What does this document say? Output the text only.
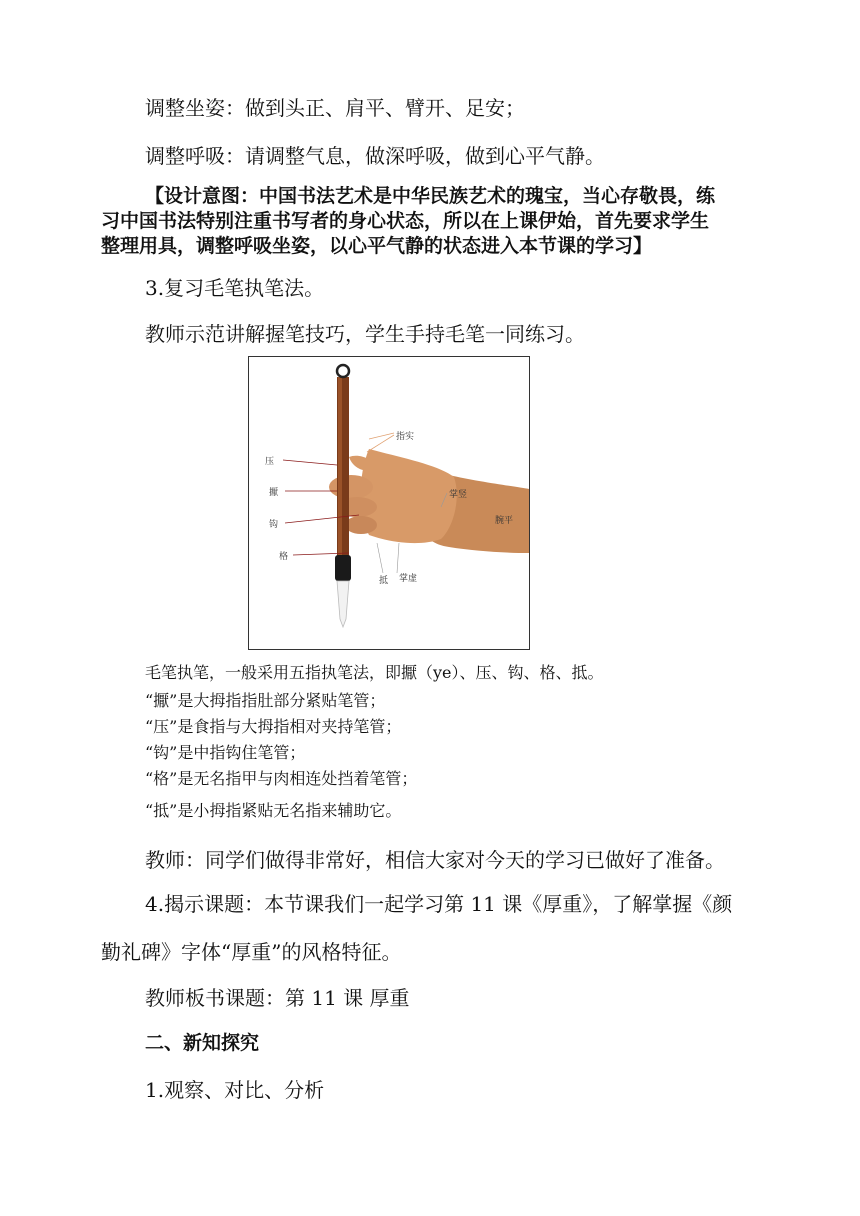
调整坐姿：做到头正、肩平、臂开、足安；
调整呼吸：请调整气息，做深呼吸，做到心平气静。
【设计意图：中国书法艺术是中华民族艺术的瑰宝，当心存敬畏，练
习中国书法特别注重书写者的身心状态，所以在上课伊始，首先要求学生
整理用具，调整呼吸坐姿，以心平气静的状态进入本节课的学习】
3.复习毛笔执笔法。
教师示范讲解握笔技巧，学生手持毛笔一同练习。
指实
压
擫
钩
格
掌竖
腕平
抵 掌虚
毛笔执笔，一般采用五指执笔法，即擫（ye）、压、钩、格、抵。
“擫”是大拇指指肚部分紧贴笔管；
“压”是食指与大拇指相对夹持笔管；
“钩”是中指钩住笔管；
“格”是无名指甲与肉相连处挡着笔管；
“抵”是小拇指紧贴无名指来辅助它。
教师：同学们做得非常好，相信大家对今天的学习已做好了准备。
4.揭示课题：本节课我们一起学习第 11 课《厚重》，了解掌握《颜
勤礼碑》字体“厚重”的风格特征。
教师板书课题：第 11 课 厚重
二、新知探究
1.观察、对比、分析
